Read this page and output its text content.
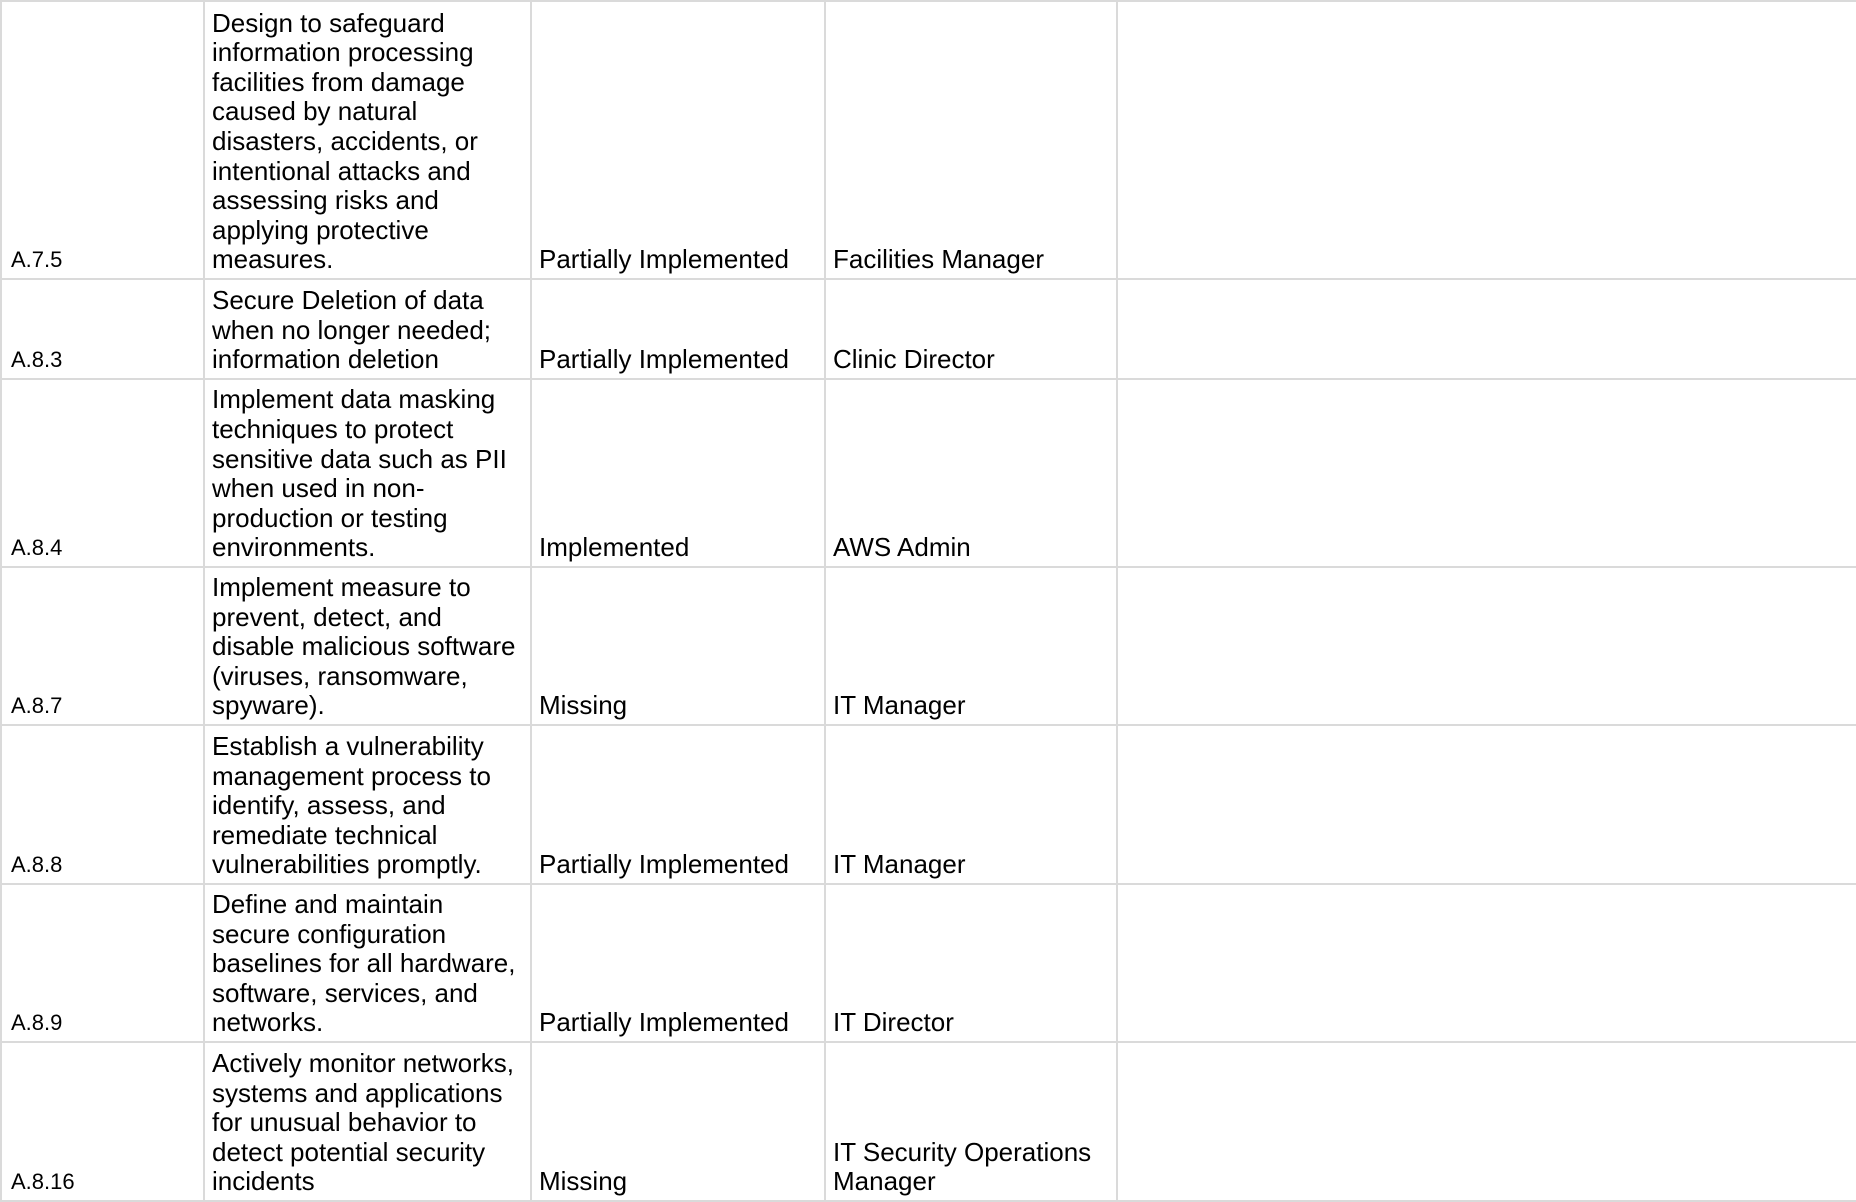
A.7.5	Design to safeguard information processing facilities from damage caused by natural disasters, accidents, or intentional attacks and assessing risks and applying protective measures.	Partially Implemented	Facilities Manager	
A.8.3	Secure Deletion of data when no longer needed; information deletion	Partially Implemented	Clinic Director	
A.8.4	Implement data masking techniques to protect sensitive data such as PII when used in non-production or testing environments.	Implemented	AWS Admin	
A.8.7	Implement measure to prevent, detect, and disable malicious software (viruses, ransomware, spyware).	Missing	IT Manager	
A.8.8	Establish a vulnerability management process to identify, assess, and remediate technical vulnerabilities promptly.	Partially Implemented	IT Manager	
A.8.9	Define and maintain secure configuration baselines for all hardware, software, services, and networks.	Partially Implemented	IT Director	
A.8.16	Actively monitor networks, systems and applications for unusual behavior to detect potential security incidents	Missing	IT Security Operations Manager	
